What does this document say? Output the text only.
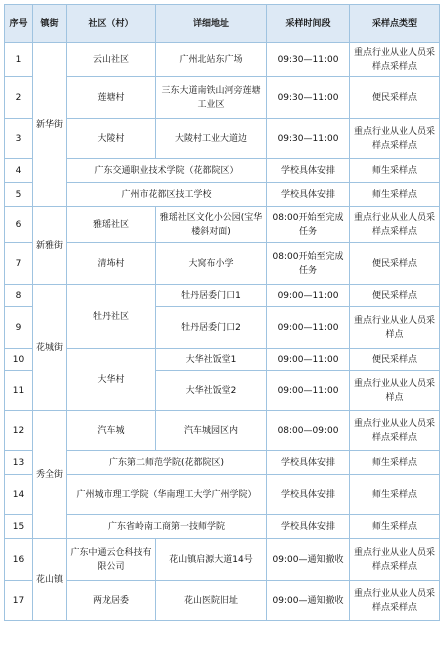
序号	镇街	社区（村）	详细地址	采样时间段	采样点类型
1	新华街	云山社区	广州北站东广场	09:30—11:00	重点行业从业人员采样点采样点
2		莲塘村	三东大道南铁山河旁莲塘工业区	09:30—11:00	便民采样点
3		大陵村	大陵村工业大道边	09:30—11:00	重点行业从业人员采样点采样点
4		广东交通职业技术学院（花都院区）		学校具体安排	师生采样点
5		广州市花都区技工学校		学校具体安排	师生采样点
6	新雅街	雅瑶社区	雅瑶社区文化小公园(宝华楼斜对面)	08:00开始至完成任务	重点行业从业人员采样点采样点
7		清㘵村	大窝布小学	08:00开始至完成任务	便民采样点
8	花城街	牡丹社区	牡丹居委门口1	09:00—11:00	便民采样点
9			牡丹居委门口2	09:00—11:00	重点行业从业人员采样点
10		大华村	大华社饭堂1	09:00—11:00	便民采样点
11			大华社饭堂2	09:00—11:00	重点行业从业人员采样点
12	秀全街	汽车城	汽车城园区内	08:00—09:00	重点行业从业人员采样点采样点
13		广东第二师范学院(花都院区)		学校具体安排	师生采样点
14		广州城市理工学院（华南理工大学广州学院）		学校具体安排	师生采样点
15		广东省岭南工商第一技师学院		学校具体安排	师生采样点
16	花山镇	广东中通云仓科技有限公司	花山镇启源大道14号	09:00—通知撤收	重点行业从业人员采样点采样点
17		两龙居委	花山医院旧址	09:00—通知撤收	重点行业从业人员采样点采样点
